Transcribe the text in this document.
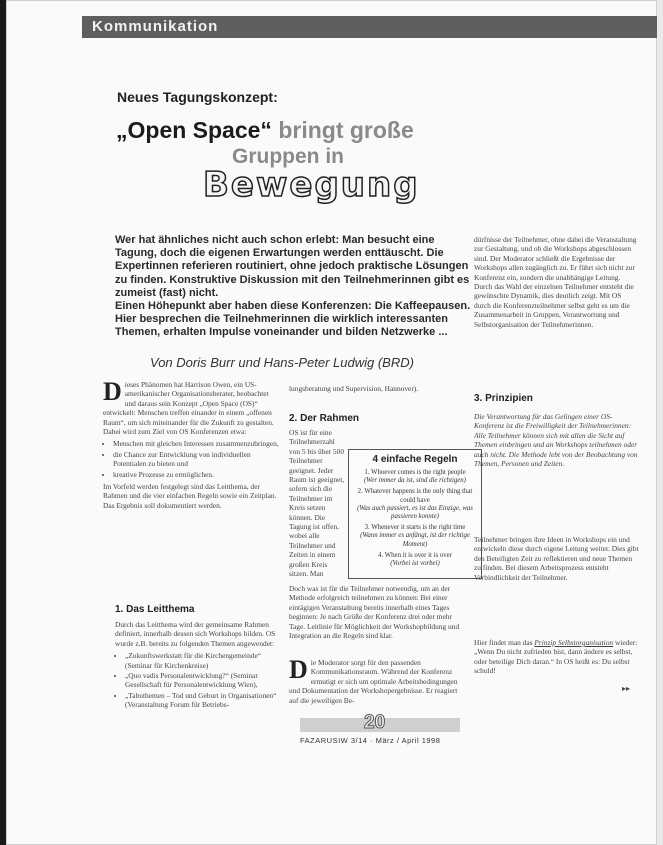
Kommunikation
Neues Tagungskonzept:
„Open Space“ bringt große
Gruppen in
Bewegung

Wer hat ähnliches nicht auch schon erlebt: Man besucht eine Tagung, doch die eigenen Erwartungen werden enttäuscht. Die Expertinnen referieren routiniert, ohne jedoch praktische Lösungen zu finden. Konstruktive Diskussion mit den Teilnehmerinnen gibt es zumeist (fast) nicht.

Einen Höhepunkt aber haben diese Konferenzen: Die Kaffeepausen. Hier besprechen die Teilnehmerinnen die wirklich interessanten Themen, erhalten Impulse voneinander und bilden Netzwerke ...

Von Doris Burr und Hans-Peter Ludwig (BRD)

Dieses Phänomen hat Harrison Owen, ein US-amerikanischer Organisationsberater, beobachtet und daraus sein Konzept „Open Space (OS)“ entwickelt: Menschen treffen einander in einem „offenen Raum“, um sich miteinander für die Zukunft zu gestalten. Dabei wird zum Ziel von OS Konferenzen etwa:

• Menschen mit gleichen Interessen zusammenzubringen,
• die Chance zur Entwicklung von individuellen Potentialen zu bieten und
• kreative Prozesse zu ermöglichen.

Im Vorfeld werden festgelegt sind das Leitthema, der Rahmen und die vier einfachen Regeln sowie ein Zeitplan. Das Ergebnis soll dokumentiert werden.

1. Das Leitthema

Durch das Leitthema wird der gemeinsame Rahmen definiert, innerhalb dessen sich Workshops bilden. OS wurde z.B. bereits zu folgenden Themen angewendet:

• „Zukunftswerkstatt für die Kirchengemeinde“ (Seminar für Kirchenkreise)
• „Quo vadis Personalentwicklung?“ (Seminar Gesellschaft für Personalentwicklung Wien),
• „Tabuthemen – Tod und Geburt in Organisationen“ (Veranstaltung Forum für Betriebs-

lungsberatung und Supervision, Hannover).

2. Der Rahmen

OS ist für eine Teilnehmerzahl von 5 bis über 500 Teilnehmer geeignet. Jeder Raum ist geeignet, sofern sich die Teilnehmer im Kreis setzen können. Die Tagung ist offen, wobei alle Teilnehmer und Zeiten in einem großen Kreis sitzen. Man

Doch was ist für die Teilnehmer notwendig, um an der Methode erfolgreich teilnehmen zu können: Bei einer eintägigen Veranstaltung bereits innerhalb eines Tages beginnen: Je nach Größe der Konferenz drei oder mehr Tage. Leitlinie für Möglichkeit der Workshopbildung und Integration an die Regeln sind klar.

Die Moderator sorgt für den passenden Kommunikationsraum. Während der Konferenz ermutigt er sich um optimale Arbeitsbedingungen und Dokumentation der Workshopergebnisse. Er reagiert auf die jeweiligen Be-

4 einfache Regeln
1. Whoever comes is the right people
(Wer immer da ist, sind die richtigen)
2. Whatever happens is the only thing that could have
(Was auch passiert, es ist das Einzige, was passieren konnte)
3. Whenever it starts is the right time
(Wann immer es anfängt, ist der richtige Moment)
4. When it is over it is over
(Vorbei ist vorbei)

dürfnisse der Teilnehmer, ohne dabei die Veranstaltung zur Gestaltung, und ob die Workshops abgeschlossen sind. Der Moderator schließt die Ergebnisse der Workshops allen zugänglich zu. Er führt sich nicht zur Konferenz ein, sondern die unabhängige Leitung. Durch das Wahl der einzelnen Teilnehmer entsteht die gewünschte Dynamik, dies deutlich zeigt. Mit OS durch die Konferenzteilnehmer selbst geht es um die Zusammenarbeit in Gruppen, Verantwortung und Selbstorganisation der Teilnehmerinnen.

3. Prinzipien

Die Verantwortung für das Gelingen einer OS-Konferenz ist die Freiwilligkeit der Teilnehmerinnen: Alle Teilnehmer können sich mit allen die Sicht auf Themen einbringen und an Workshops teilnehmen oder auch nicht. Die Methode lebt von der Beobachtung von Themen, Personen und Zeiten.

Teilnehmer bringen ihre Ideen in Workshops ein und entwickeln diese durch eigene Leitung weiter. Dies gibt den Beteiligten Zeit zu reflektieren und neue Themen zu finden. Bei diesem Arbeitsprozess entsteht Verbindlichkeit der Teilnehmer.

Hier findet man das Prinzip Selbstorganisation wieder: „Wenn Du nicht zufrieden bist, dann ändere es selbst, oder beteilige Dich daran.“ In OS heißt es: Du selbst schuld!

▸▸
20
FAZARUSIW 3/14 · März / April 1998
